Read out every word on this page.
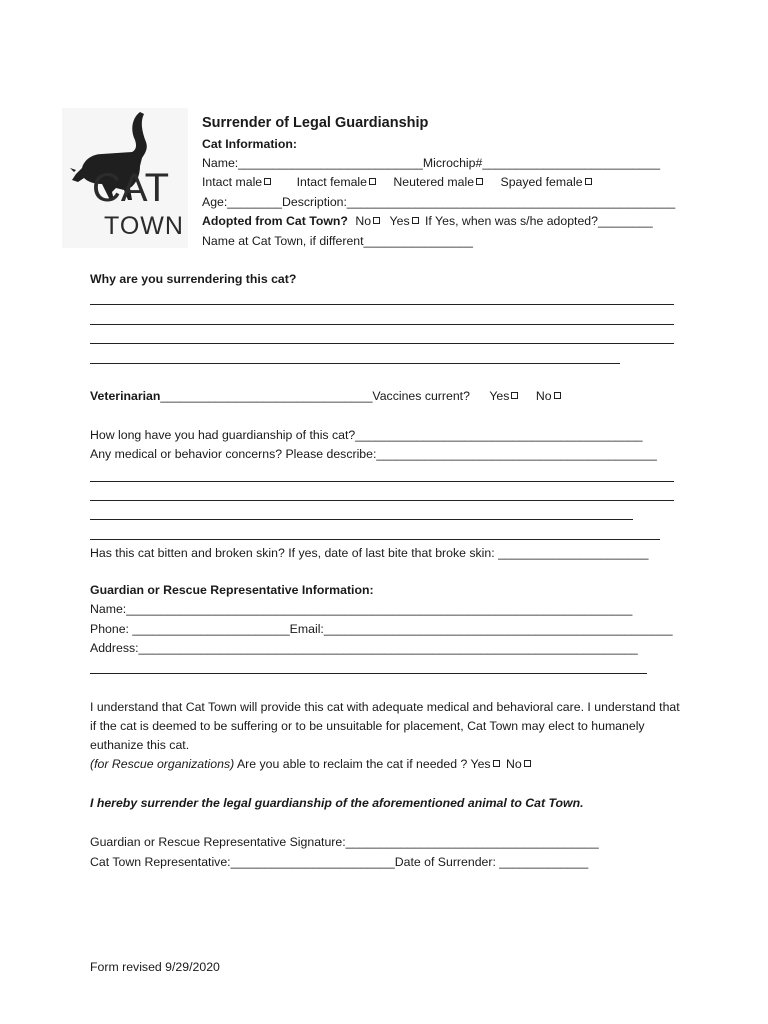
CAT
TOWN
Surrender of Legal Guardianship
Cat Information:
Name:___________________________Microchip#__________________________
Intact male	Intact female Neutered male Spayed female
Age:________Description:________________________________________________
Adopted from Cat Town? No Yes If Yes, when was s/he adopted?________
Name at Cat Town, if different________________
Why are you surrendering this cat?
Veterinarian_______________________________Vaccines current? Yes No
How long have you had guardianship of this cat?__________________________________________
Any medical or behavior concerns? Please describe:_________________________________________
Has this cat bitten and broken skin? If yes, date of last bite that broke skin: ______________________
Guardian or Rescue Representative Information:
Name:__________________________________________________________________________
Phone: _______________________Email:___________________________________________________
Address:_________________________________________________________________________
I understand that Cat Town will provide this cat with adequate medical and behavioral care. I understand that if the cat is deemed to be suffering or to be unsuitable for placement, Cat Town may elect to humanely euthanize this cat.
(for Rescue organizations) Are you able to reclaim the cat if needed ? Yes No
I hereby surrender the legal guardianship of the aforementioned animal to Cat Town.
Guardian or Rescue Representative Signature:_____________________________________
Cat Town Representative:________________________Date of Surrender: _____________
Form revised 9/29/2020
